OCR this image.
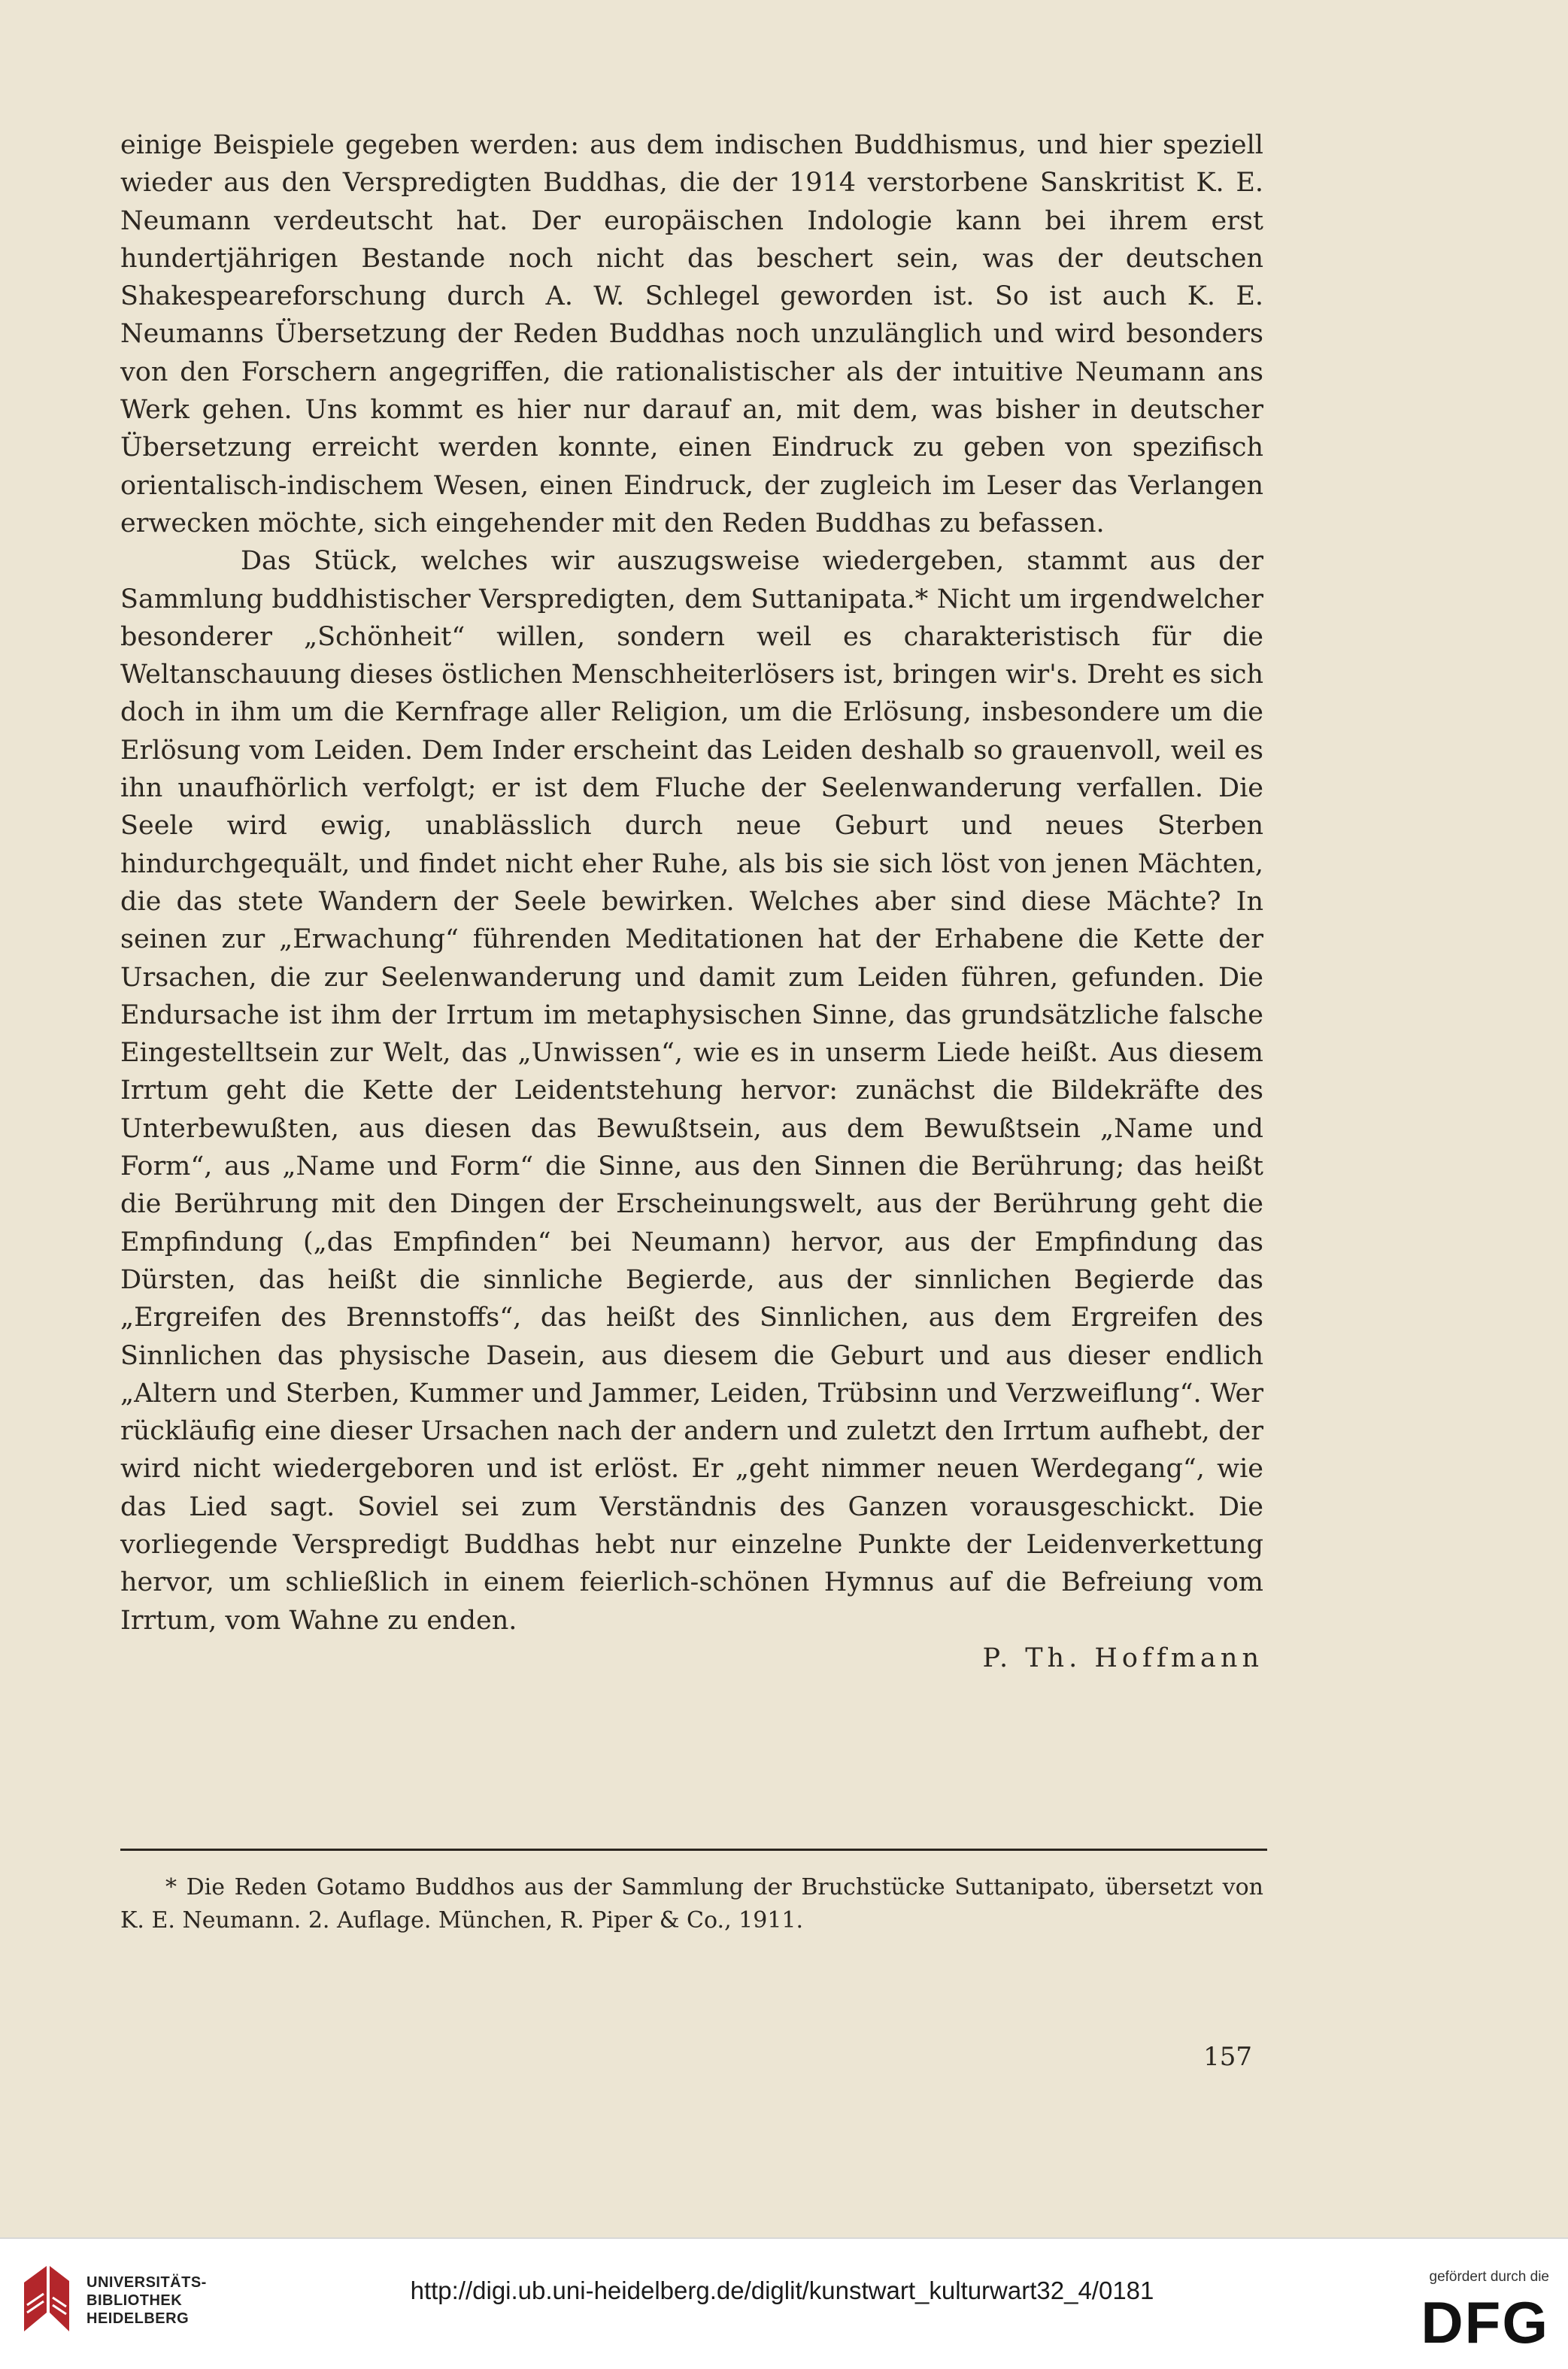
einige Beispiele gegeben werden: aus dem indischen Buddhismus, und hier speziell wieder aus den Verspredigten Buddhas, die der 1914 verstorbene Sanskritist K. E. Neumann verdeutscht hat. Der europäischen Indologie kann bei ihrem erst hundertjährigen Bestande noch nicht das beschert sein, was der deutschen Shakespeareforschung durch A. W. Schlegel geworden ist. So ist auch K. E. Neumanns Übersetzung der Reden Buddhas noch unzulänglich und wird besonders von den Forschern angegriffen, die rationalistischer als der intuitive Neumann ans Werk gehen. Uns kommt es hier nur darauf an, mit dem, was bisher in deutscher Übersetzung erreicht werden konnte, einen Eindruck zu geben von spezifisch orientalisch-indischem Wesen, einen Eindruck, der zugleich im Leser das Verlangen erwecken möchte, sich eingehender mit den Reden Buddhas zu befassen.

Das Stück, welches wir auszugsweise wiedergeben, stammt aus der Sammlung buddhistischer Verspredigten, dem Suttanipata.* Nicht um irgendwelcher besonderer „Schönheit“ willen, sondern weil es charakteristisch für die Weltanschauung dieses östlichen Menschheiterlösers ist, bringen wir's. Dreht es sich doch in ihm um die Kernfrage aller Religion, um die Erlösung, insbesondere um die Erlösung vom Leiden. Dem Inder erscheint das Leiden deshalb so grauenvoll, weil es ihn unaufhörlich verfolgt; er ist dem Fluche der Seelenwanderung verfallen. Die Seele wird ewig, unablässlich durch neue Geburt und neues Sterben hindurchgequält, und findet nicht eher Ruhe, als bis sie sich löst von jenen Mächten, die das stete Wandern der Seele bewirken. Welches aber sind diese Mächte? In seinen zur „Erwachung“ führenden Meditationen hat der Erhabene die Kette der Ursachen, die zur Seelenwanderung und damit zum Leiden führen, gefunden. Die Endursache ist ihm der Irrtum im metaphysischen Sinne, das grundsätzliche falsche Eingestelltsein zur Welt, das „Unwissen“, wie es in unserm Liede heißt. Aus diesem Irrtum geht die Kette der Leidentstehung hervor: zunächst die Bildekräfte des Unterbewußten, aus diesen das Bewußtsein, aus dem Bewußtsein „Name und Form“, aus „Name und Form“ die Sinne, aus den Sinnen die Berührung; das heißt die Berührung mit den Dingen der Erscheinungswelt, aus der Berührung geht die Empfindung („das Empfinden“ bei Neumann) hervor, aus der Empfindung das Dürsten, das heißt die sinnliche Begierde, aus der sinnlichen Begierde das „Ergreifen des Brennstoffs“, das heißt des Sinnlichen, aus dem Ergreifen des Sinnlichen das physische Dasein, aus diesem die Geburt und aus dieser endlich „Altern und Sterben, Kummer und Jammer, Leiden, Trübsinn und Verzweiflung“. Wer rückläufig eine dieser Ursachen nach der andern und zuletzt den Irrtum aufhebt, der wird nicht wiedergeboren und ist erlöst. Er „geht nimmer neuen Werdegang“, wie das Lied sagt. Soviel sei zum Verständnis des Ganzen vorausgeschickt. Die vorliegende Verspredigt Buddhas hebt nur einzelne Punkte der Leidenverkettung hervor, um schließlich in einem feierlich-schönen Hymnus auf die Befreiung vom Irrtum, vom Wahne zu enden.

P. Th. Hoffmann

* Die Reden Gotamo Buddhos aus der Sammlung der Bruchstücke Suttanipato, übersetzt von K. E. Neumann. 2. Auflage. München, R. Piper & Co., 1911.

157
UNIVERSITÄTS-
BIBLIOTHEK
HEIDELBERG
http://digi.ub.uni-heidelberg.de/diglit/kunstwart_kulturwart32_4/0181	gefördert durch die
DFG
